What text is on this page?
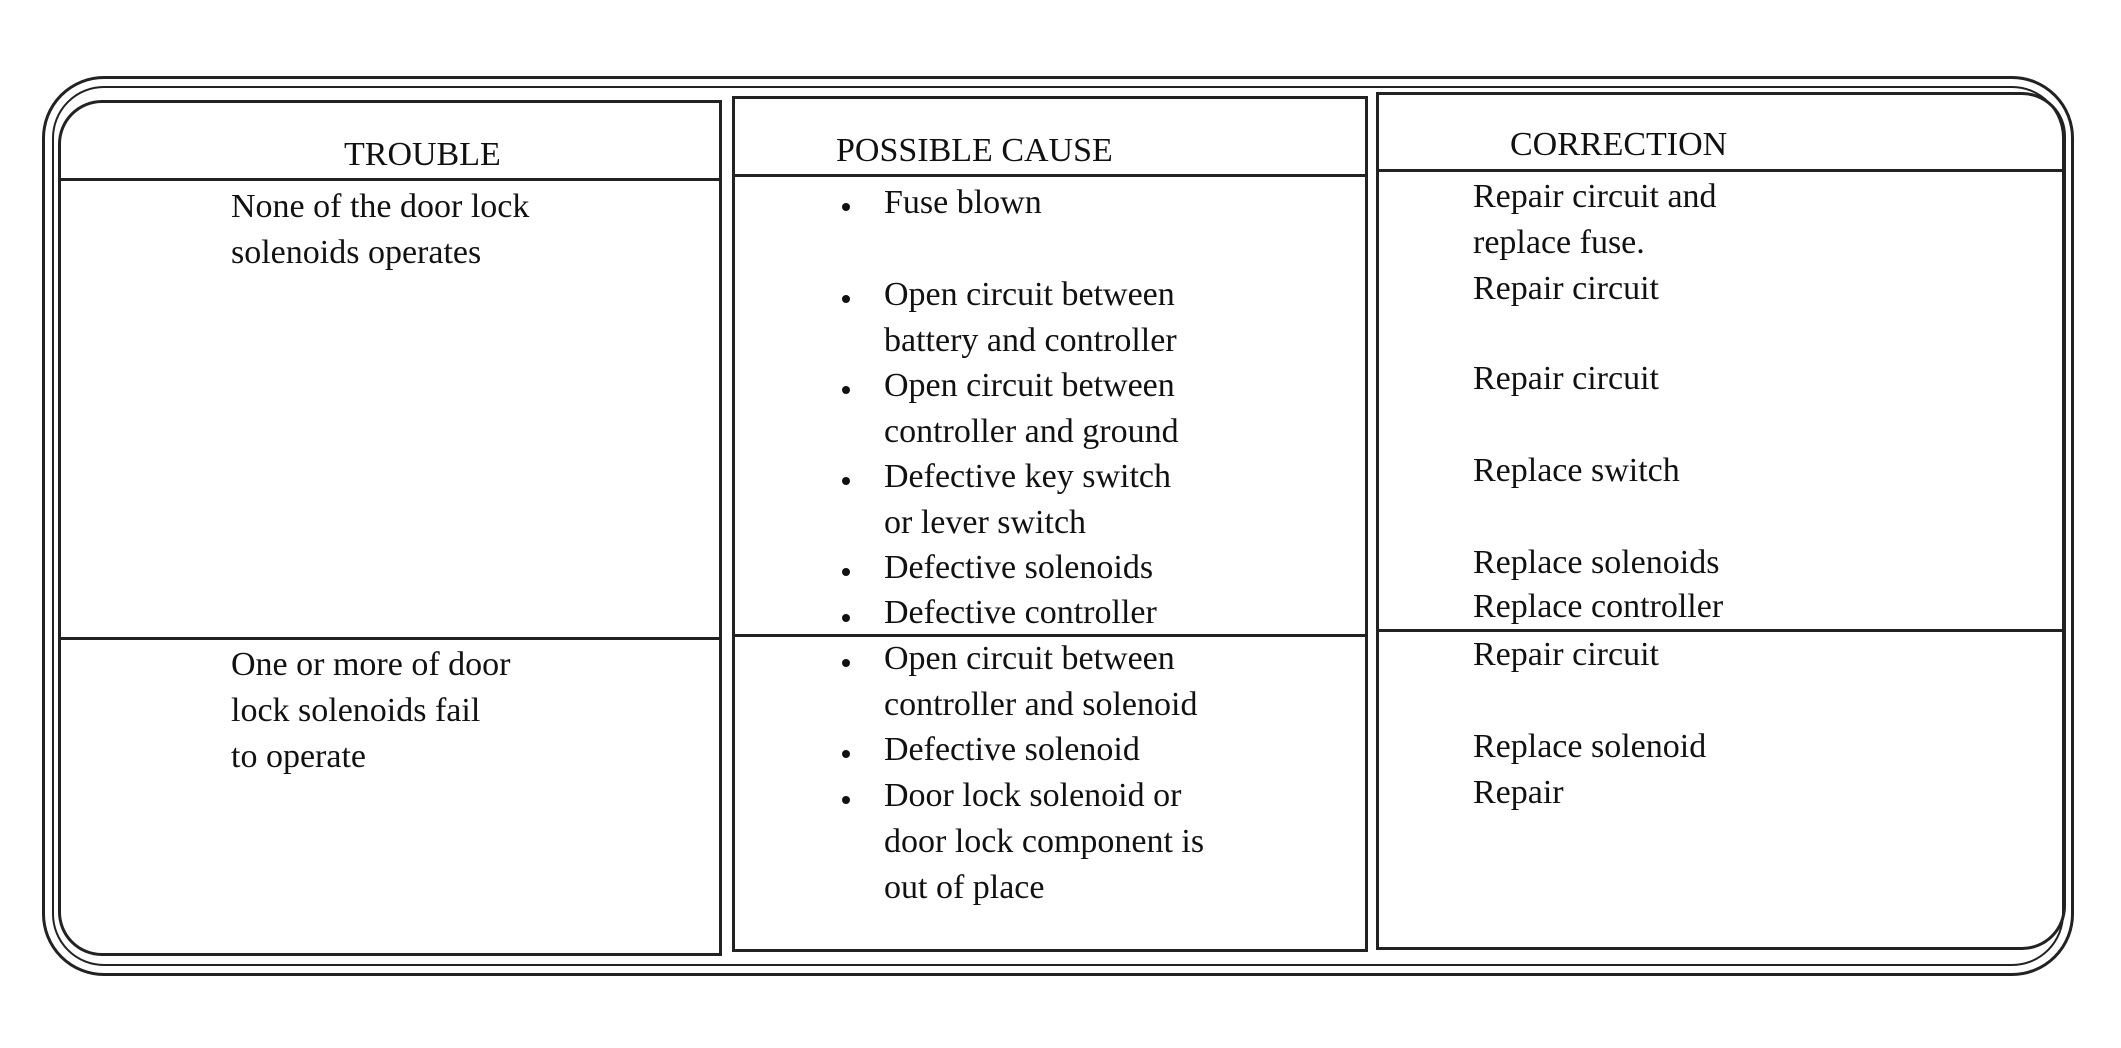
TROUBLE	POSSIBLE CAUSE	CORRECTION
None of the door lock
solenoids operates
Fuse blown
Open circuit between
battery and controller
Open circuit between
controller and ground
Defective key switch
or lever switch
Defective solenoids
Defective controller
Repair circuit and
replace fuse.
Repair circuit
Repair circuit
Replace switch
Replace solenoids
Replace controller
One or more of door
lock solenoids fail
to operate
Open circuit between
controller and solenoid
Defective solenoid
Door lock solenoid or
door lock component is
out of place
Repair circuit
Replace solenoid
Repair
